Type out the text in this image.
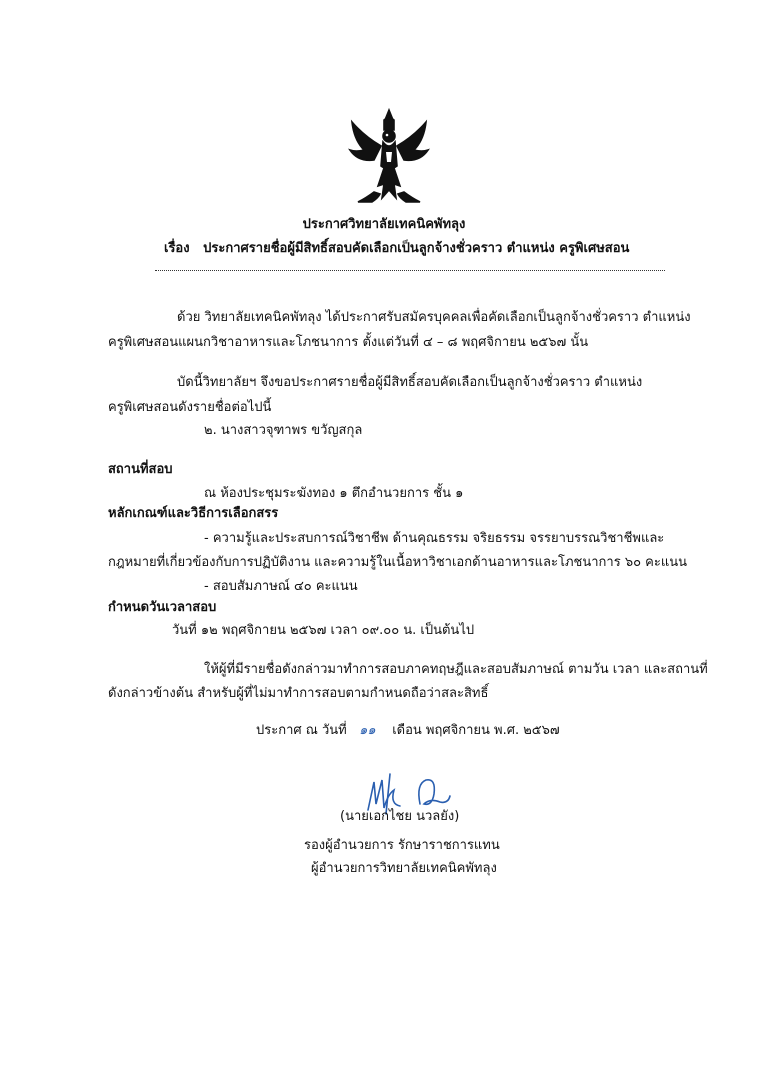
ประกาศวิทยาลัยเทคนิคพัทลุง
เรื่อง ประกาศรายชื่อผู้มีสิทธิ์สอบคัดเลือกเป็นลูกจ้างชั่วคราว ตำแหน่ง ครูพิเศษสอน
ด้วย วิทยาลัยเทคนิคพัทลุง ได้ประกาศรับสมัครบุคคลเพื่อคัดเลือกเป็นลูกจ้างชั่วคราว ตำแหน่ง
ครูพิเศษสอนแผนกวิชาอาหารและโภชนาการ ตั้งแต่วันที่ ๔ – ๘ พฤศจิกายน ๒๕๖๗ นั้น
บัดนี้วิทยาลัยฯ จึงขอประกาศรายชื่อผู้มีสิทธิ์สอบคัดเลือกเป็นลูกจ้างชั่วคราว ตำแหน่ง
ครูพิเศษสอนดังรายชื่อต่อไปนี้
๒. นางสาวจุฑาพร ขวัญสกุล
สถานที่สอบ
ณ ห้องประชุมระฆังทอง ๑ ตึกอำนวยการ ชั้น ๑
หลักเกณฑ์และวิธีการเลือกสรร
- ความรู้และประสบการณ์วิชาชีพ ด้านคุณธรรม จริยธรรม จรรยาบรรณวิชาชีพและ
กฎหมายที่เกี่ยวข้องกับการปฏิบัติงาน และความรู้ในเนื้อหาวิชาเอกด้านอาหารและโภชนาการ ๖๐ คะแนน
- สอบสัมภาษณ์ ๔๐ คะแนน
กำหนดวันเวลาสอบ
วันที่ ๑๒ พฤศจิกายน ๒๕๖๗ เวลา ๐๙.๐๐ น. เป็นต้นไป
ให้ผู้ที่มีรายชื่อดังกล่าวมาทำการสอบภาคทฤษฎีและสอบสัมภาษณ์ ตามวัน เวลา และสถานที่
ดังกล่าวข้างต้น สำหรับผู้ที่ไม่มาทำการสอบตามกำหนดถือว่าสละสิทธิ์
ประกาศ ณ วันที่ ๑๑ เดือน พฤศจิกายน พ.ศ. ๒๕๖๗
(นายเอกไชย นวลยัง)
รองผู้อำนวยการ รักษาราชการแทน
ผู้อำนวยการวิทยาลัยเทคนิคพัทลุง
